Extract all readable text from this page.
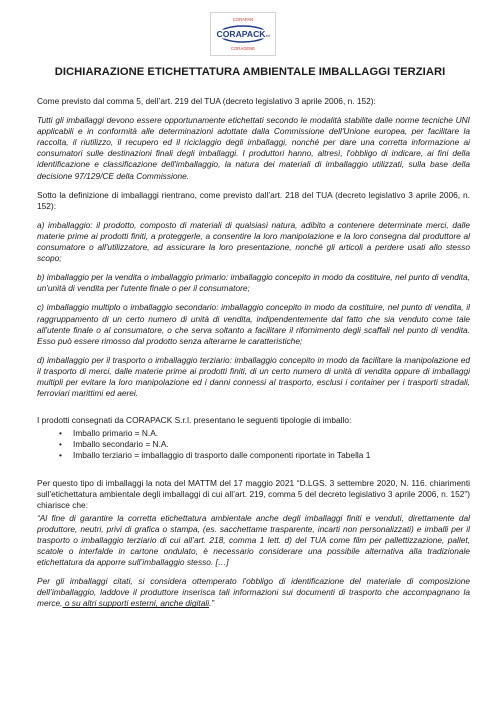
CORAPAN
CORAPACK srl
CORAGENE
DICHIARAZIONE ETICHETTATURA AMBIENTALE IMBALLAGGI TERZIARI

Come previsto dal comma 5, dell’art. 219 del TUA (decreto legislativo 3 aprile 2006, n. 152):

Tutti gli imballaggi devono essere opportunamente etichettati secondo le modalità stabilite dalle norme tecniche UNI applicabili e in conformità alle determinazioni adottate dalla Commissione dell'Unione europea, per facilitare la raccolta, il riutilizzo, il recupero ed il riciclaggio degli imballaggi, nonché per dare una corretta informazione ai consumatori sulle destinazioni finali degli imballaggi. I produttori hanno, altresì, l'obbligo di indicare, ai fini della identificazione e classificazione dell'imballaggio, la natura dei materiali di imballaggio utilizzati, sulla base della decisione 97/129/CE della Commissione.

Sotto la definizione di imballaggi rientrano, come previsto dall’art. 218 del TUA (decreto legislativo 3 aprile 2006, n. 152):

a) imballaggio: il prodotto, composto di materiali di qualsiasi natura, adibito a contenere determinate merci, dalle materie prime ai prodotti finiti, a proteggerle, a consentire la loro manipolazione e la loro consegna dal produttore al consumatore o all'utilizzatore, ad assicurare la loro presentazione, nonché gli articoli a perdere usati allo stesso scopo;

b) imballaggio per la vendita o imballaggio primario: imballaggio concepito in modo da costituire, nel punto di vendita, un'unità di vendita per l'utente finale o per il consumatore;

c) imballaggio multiplo o imballaggio secondario: imballaggio concepito in modo da costituire, nel punto di vendita, il raggruppamento di un certo numero di unità di vendita, indipendentemente dal fatto che sia venduto come tale all'utente finale o al consumatore, o che serva soltanto a facilitare il rifornimento degli scaffali nel punto di vendita. Esso può essere rimosso dal prodotto senza alterarne le caratteristiche;

d) imballaggio per il trasporto o imballaggio terziario: imballaggio concepito in modo da facilitare la manipolazione ed il trasporto di merci, dalle materie prime ai prodotti finiti, di un certo numero di unità di vendita oppure di imballaggi multipli per evitare la loro manipolazione ed i danni connessi al trasporto, esclusi i container per i trasporti stradali, ferroviari marittimi ed aerei.

I prodotti consegnati da CORAPACK S.r.l. presentano le seguenti tipologie di imballo:

• Imballo primario = N.A.
• Imballo secondario = N.A.
• Imballo terziario = imballaggio di trasporto dalle componenti riportate in Tabella 1

Per questo tipo di imballaggi la nota del MATTM del 17 maggio 2021 “D.LGS. 3 settembre 2020, N. 116. chiarimenti sull'etichettatura ambientale degli imballaggi di cui all’art. 219, comma 5 del decreto legislativo 3 aprile 2006, n. 152”) chiarisce che:

“Al fine di garantire la corretta etichettatura ambientale anche degli imballaggi finiti e venduti, direttamente dal produttore, neutri, privi di grafica o stampa, (es. sacchettame trasparente, incarti non personalizzati) e imballi per il trasporto o imballaggio terziario di cui all’art. 218, comma 1 lett. d) del TUA come film per pallettizzazione, pallet, scatole o interfalde in cartone ondulato, è necessario considerare una possibile alternativa alla tradizionale etichettatura da apporre sull’imballaggio stesso. […]

Per gli imballaggi citati, si considera ottemperato l’obbligo di identificazione del materiale di composizione dell’imballaggio, laddove il produttore inserisca tali informazioni sui documenti di trasporto che accompagnano la merce, o su altri supporti esterni, anche digitali.”
